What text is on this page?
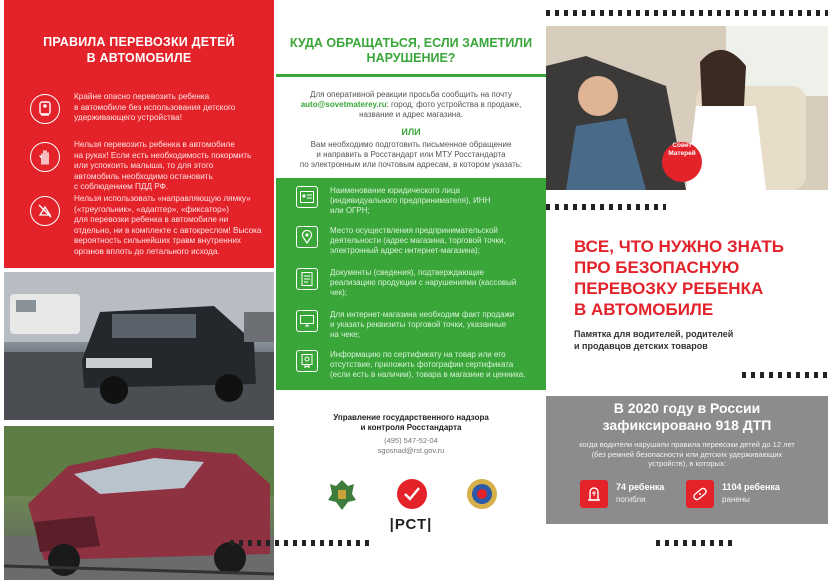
ПРАВИЛА ПЕРЕВОЗКИ ДЕТЕЙ
В АВТОМОБИЛЕ
Крайне опасно перевозить ребенка
в автомобиле без использования детского
удерживающего устройства!
Нельзя перевозить ребенка в автомобиле
на руках! Если есть необходимость покормить
или успокоить малыша, то для этого
автомобиль необходимо остановить
с соблюдением ПДД РФ.
Нельзя использовать «направляющую лямку»
(«треугольник», «адаптер», «фиксатор»)
для перевозки ребенка в автомобиле ни
отдельно, ни в комплекте с автокреслом! Высока
вероятность сильнейших травм внутренних
органов вплоть до летального исхода.
КУДА ОБРАЩАТЬСЯ, ЕСЛИ ЗАМЕТИЛИ
НАРУШЕНИЕ?
Для оперативной реакции просьба сообщить на почту
auto@sovetmaterey.ru: город, фото устройства в продаже,
название и адрес магазина.
ИЛИ
Вам необходимо подготовить письменное обращение
и направить в Росстандарт или МТУ Росстандарта
по электронным или почтовым адресам, в котором указать:
Наименование юридического лица
(индивидуального предпринимателя), ИНН
или ОГРН;
Место осуществления предпринимательской
деятельности (адрес магазина, торговой точки,
электронный адрес интернет-магазина);
Документы (сведения), подтверждающие
реализацию продукции с нарушениями (кассовый
чек);
Для интернет-магазина необходим факт продажи
и указать реквизиты торговой точки, указанные
на чеке;
Информацию по сертификату на товар или его
отсутствие, приложить фотографии сертификата
(если есть в наличии), товара в магазине и ценника.
Управление государственного надзора
и контроля Росстандарта
(495) 547-52-04
sgosnad@rst.gov.ru
|РСТ|
Совет
Матерей
ВСЕ, ЧТО НУЖНО ЗНАТЬ
ПРО БЕЗОПАСНУЮ
ПЕРЕВОЗКУ РЕБЕНКА
В АВТОМОБИЛЕ
Памятка для водителей, родителей
и продавцов детских товаров
В 2020 году в России
зафиксировано 918 ДТП
когда водители нарушили правила перевозки детей до 12 лет
(без ремней безопасности или детских удерживающих
устройств), в которых:
74 ребенка
погибли
1104 ребенка
ранены
